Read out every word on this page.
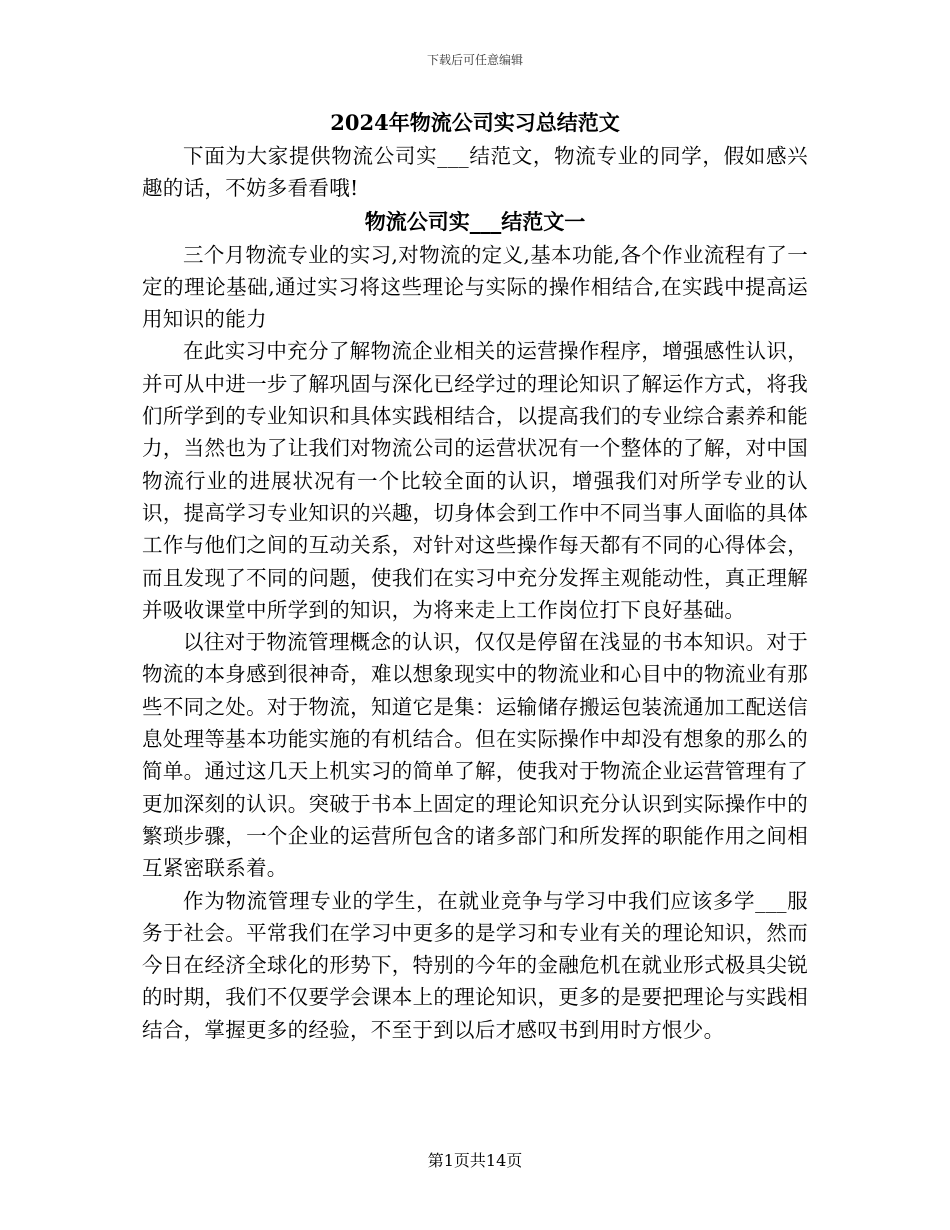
下载后可任意编辑
2024年物流公司实习总结范文

下面为大家提供物流公司实___结范文，物流专业的同学，假如感兴趣的话，不妨多看看哦!

物流公司实___结范文一

三个月物流专业的实习,对物流的定义,基本功能,各个作业流程有了一定的理论基础,通过实习将这些理论与实际的操作相结合,在实践中提高运用知识的能力

在此实习中充分了解物流企业相关的运营操作程序，增强感性认识，并可从中进一步了解巩固与深化已经学过的理论知识了解运作方式，将我们所学到的专业知识和具体实践相结合，以提高我们的专业综合素养和能力，当然也为了让我们对物流公司的运营状况有一个整体的了解，对中国物流行业的进展状况有一个比较全面的认识，增强我们对所学专业的认识，提高学习专业知识的兴趣，切身体会到工作中不同当事人面临的具体工作与他们之间的互动关系，对针对这些操作每天都有不同的心得体会，而且发现了不同的问题，使我们在实习中充分发挥主观能动性，真正理解并吸收课堂中所学到的知识，为将来走上工作岗位打下良好基础。

以往对于物流管理概念的认识，仅仅是停留在浅显的书本知识。对于物流的本身感到很神奇，难以想象现实中的物流业和心目中的物流业有那些不同之处。对于物流，知道它是集：运输储存搬运包装流通加工配送信息处理等基本功能实施的有机结合。但在实际操作中却没有想象的那么的简单。通过这几天上机实习的简单了解，使我对于物流企业运营管理有了更加深刻的认识。突破于书本上固定的理论知识充分认识到实际操作中的繁琐步骤，一个企业的运营所包含的诸多部门和所发挥的职能作用之间相互紧密联系着。

作为物流管理专业的学生，在就业竞争与学习中我们应该多学___服务于社会。平常我们在学习中更多的是学习和专业有关的理论知识，然而今日在经济全球化的形势下，特别的今年的金融危机在就业形式极具尖锐的时期，我们不仅要学会课本上的理论知识，更多的是要把理论与实践相结合，掌握更多的经验，不至于到以后才感叹书到用时方恨少。

第1页共14页
